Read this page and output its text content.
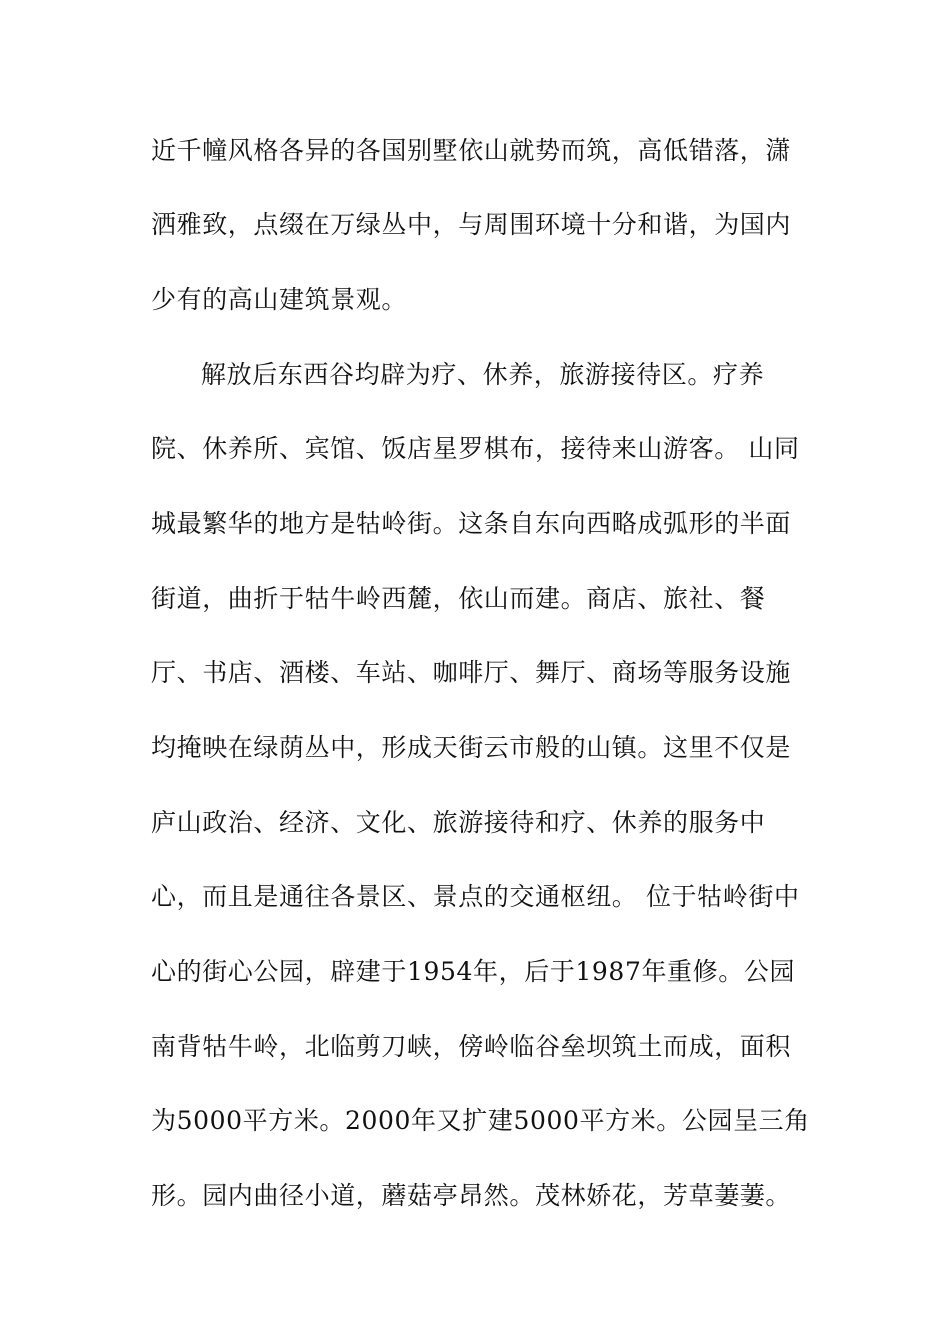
近千幢风格各异的各国别墅依山就势而筑，高低错落，潇
洒雅致，点缀在万绿丛中，与周围环境十分和谐，为国内
少有的高山建筑景观。
解放后东西谷均辟为疗、休养，旅游接待区。疗养
院、休养所、宾馆、饭店星罗棋布，接待来山游客。 山同
城最繁华的地方是牯岭街。这条自东向西略成弧形的半面
街道，曲折于牯牛岭西麓，依山而建。商店、旅社、餐
厅、书店、酒楼、车站、咖啡厅、舞厅、商场等服务设施
均掩映在绿荫丛中，形成天街云市般的山镇。这里不仅是
庐山政治、经济、文化、旅游接待和疗、休养的服务中
心，而且是通往各景区、景点的交通枢纽。 位于牯岭街中
心的街心公园，辟建于1954年，后于1987年重修。公园
南背牯牛岭，北临剪刀峡，傍岭临谷垒坝筑土而成，面积
为5000平方米。2000年又扩建5000平方米。公园呈三角
形。园内曲径小道，蘑菇亭昂然。茂林娇花，芳草萋萋。
